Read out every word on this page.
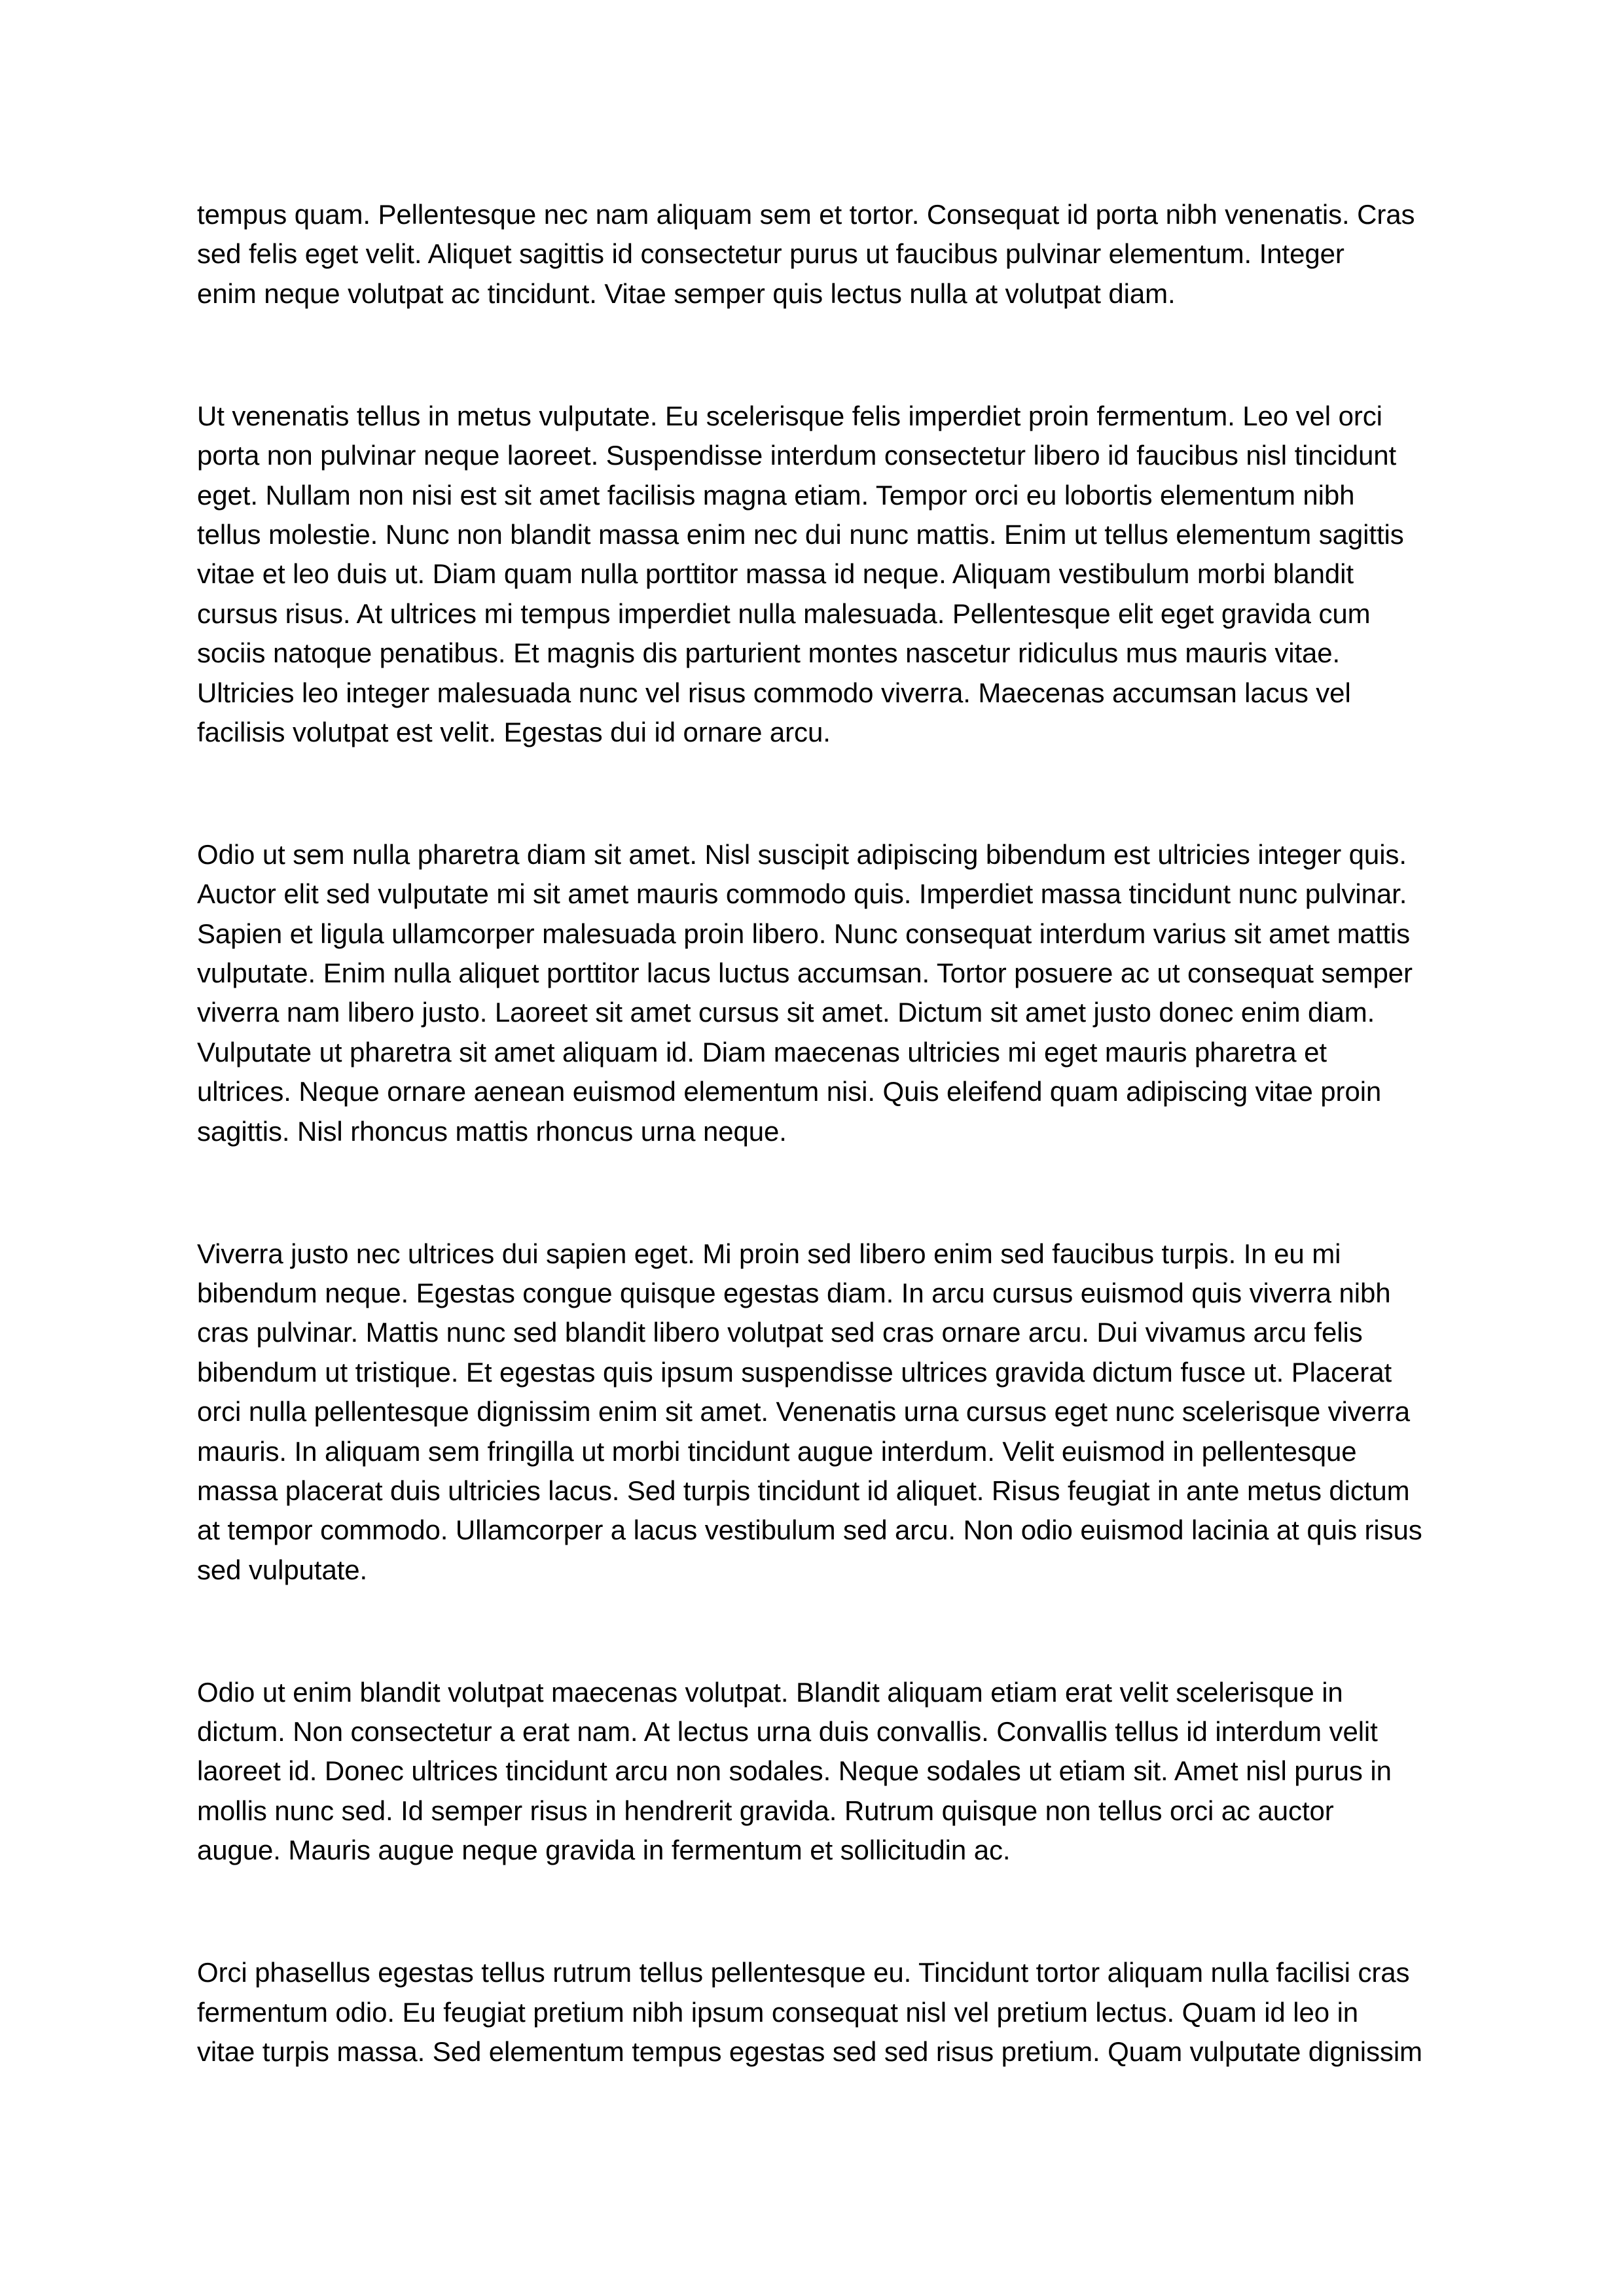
tempus quam. Pellentesque nec nam aliquam sem et tortor. Consequat id porta nibh venenatis. Cras
sed felis eget velit. Aliquet sagittis id consectetur purus ut faucibus pulvinar elementum. Integer
enim neque volutpat ac tincidunt. Vitae semper quis lectus nulla at volutpat diam.
Ut venenatis tellus in metus vulputate. Eu scelerisque felis imperdiet proin fermentum. Leo vel orci
porta non pulvinar neque laoreet. Suspendisse interdum consectetur libero id faucibus nisl tincidunt
eget. Nullam non nisi est sit amet facilisis magna etiam. Tempor orci eu lobortis elementum nibh
tellus molestie. Nunc non blandit massa enim nec dui nunc mattis. Enim ut tellus elementum sagittis
vitae et leo duis ut. Diam quam nulla porttitor massa id neque. Aliquam vestibulum morbi blandit
cursus risus. At ultrices mi tempus imperdiet nulla malesuada. Pellentesque elit eget gravida cum
sociis natoque penatibus. Et magnis dis parturient montes nascetur ridiculus mus mauris vitae.
Ultricies leo integer malesuada nunc vel risus commodo viverra. Maecenas accumsan lacus vel
facilisis volutpat est velit. Egestas dui id ornare arcu.
Odio ut sem nulla pharetra diam sit amet. Nisl suscipit adipiscing bibendum est ultricies integer quis.
Auctor elit sed vulputate mi sit amet mauris commodo quis. Imperdiet massa tincidunt nunc pulvinar.
Sapien et ligula ullamcorper malesuada proin libero. Nunc consequat interdum varius sit amet mattis
vulputate. Enim nulla aliquet porttitor lacus luctus accumsan. Tortor posuere ac ut consequat semper
viverra nam libero justo. Laoreet sit amet cursus sit amet. Dictum sit amet justo donec enim diam.
Vulputate ut pharetra sit amet aliquam id. Diam maecenas ultricies mi eget mauris pharetra et
ultrices. Neque ornare aenean euismod elementum nisi. Quis eleifend quam adipiscing vitae proin
sagittis. Nisl rhoncus mattis rhoncus urna neque.
Viverra justo nec ultrices dui sapien eget. Mi proin sed libero enim sed faucibus turpis. In eu mi
bibendum neque. Egestas congue quisque egestas diam. In arcu cursus euismod quis viverra nibh
cras pulvinar. Mattis nunc sed blandit libero volutpat sed cras ornare arcu. Dui vivamus arcu felis
bibendum ut tristique. Et egestas quis ipsum suspendisse ultrices gravida dictum fusce ut. Placerat
orci nulla pellentesque dignissim enim sit amet. Venenatis urna cursus eget nunc scelerisque viverra
mauris. In aliquam sem fringilla ut morbi tincidunt augue interdum. Velit euismod in pellentesque
massa placerat duis ultricies lacus. Sed turpis tincidunt id aliquet. Risus feugiat in ante metus dictum
at tempor commodo. Ullamcorper a lacus vestibulum sed arcu. Non odio euismod lacinia at quis risus
sed vulputate.
Odio ut enim blandit volutpat maecenas volutpat. Blandit aliquam etiam erat velit scelerisque in
dictum. Non consectetur a erat nam. At lectus urna duis convallis. Convallis tellus id interdum velit
laoreet id. Donec ultrices tincidunt arcu non sodales. Neque sodales ut etiam sit. Amet nisl purus in
mollis nunc sed. Id semper risus in hendrerit gravida. Rutrum quisque non tellus orci ac auctor
augue. Mauris augue neque gravida in fermentum et sollicitudin ac.
Orci phasellus egestas tellus rutrum tellus pellentesque eu. Tincidunt tortor aliquam nulla facilisi cras
fermentum odio. Eu feugiat pretium nibh ipsum consequat nisl vel pretium lectus. Quam id leo in
vitae turpis massa. Sed elementum tempus egestas sed sed risus pretium. Quam vulputate dignissim
